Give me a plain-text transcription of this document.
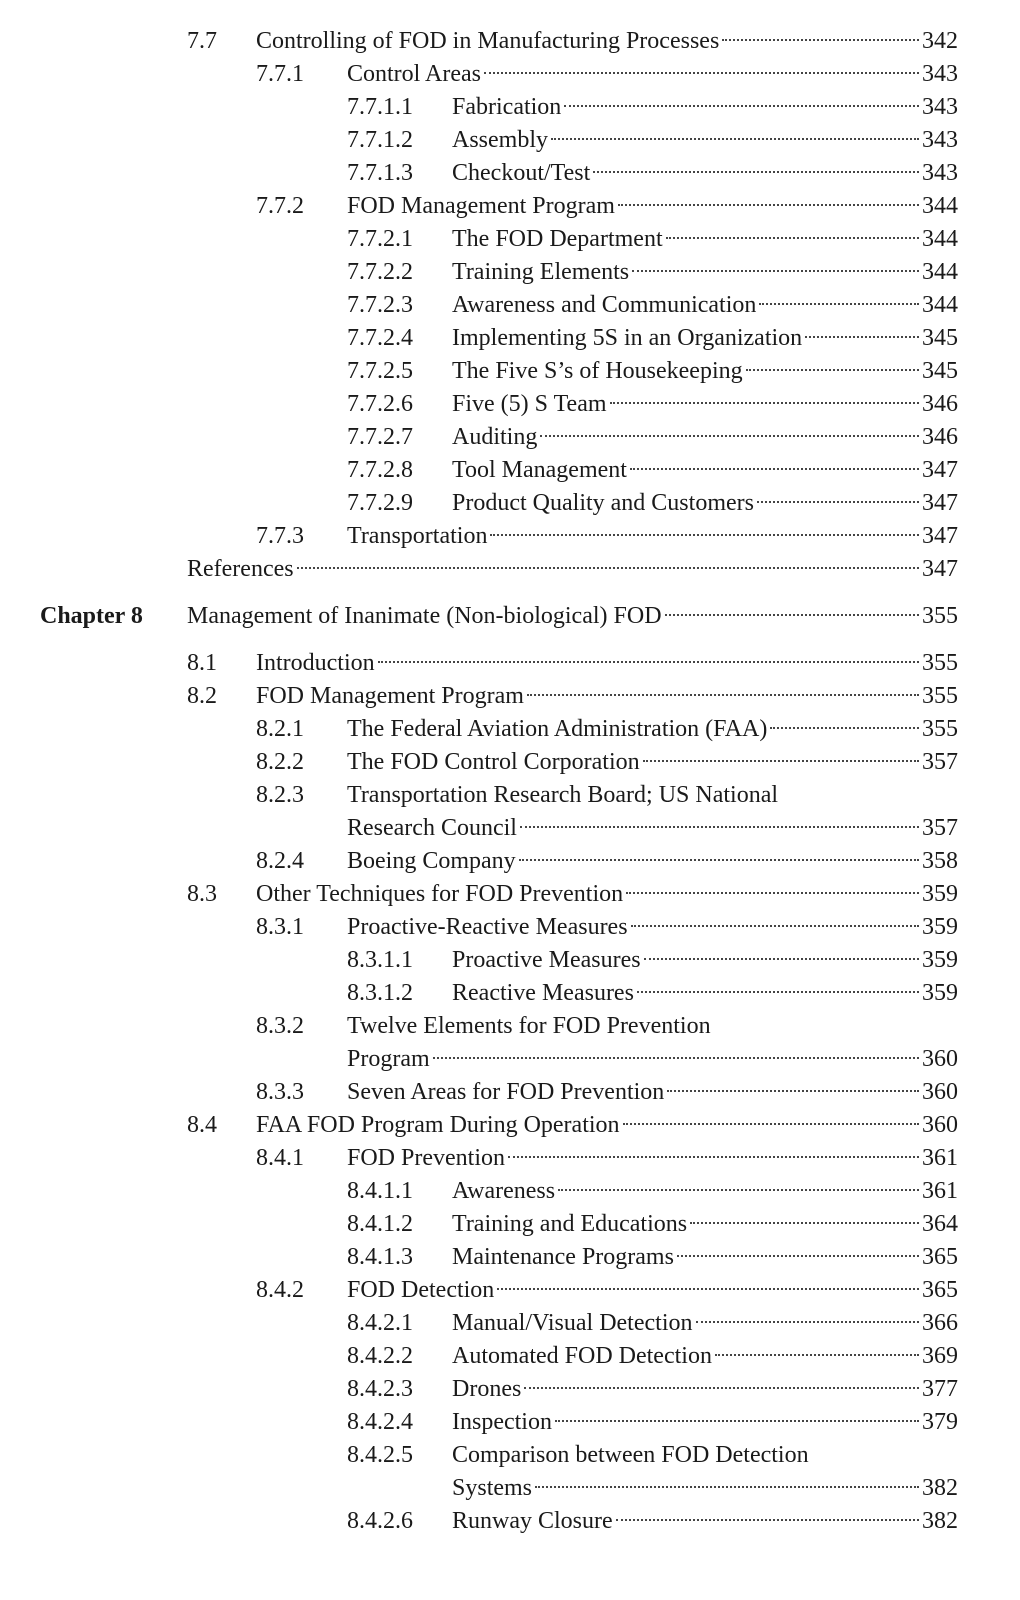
7.7 Controlling of FOD in Manufacturing Processes	342
7.7.1 Control Areas	343
7.7.1.1 Fabrication	343
7.7.1.2 Assembly	343
7.7.1.3 Checkout/Test	343
7.7.2 FOD Management Program	344
7.7.2.1 The FOD Department	344
7.7.2.2 Training Elements	344
7.7.2.3 Awareness and Communication	344
7.7.2.4 Implementing 5S in an Organization	345
7.7.2.5 The Five S’s of Housekeeping	345
7.7.2.6 Five (5) S Team	346
7.7.2.7 Auditing	346
7.7.2.8 Tool Management	347
7.7.2.9 Product Quality and Customers	347
7.7.3 Transportation	347
References	347
Chapter 8 Management of Inanimate (Non-biological) FOD	355
8.1 Introduction	355
8.2 FOD Management Program	355
8.2.1 The Federal Aviation Administration (FAA)	355
8.2.2 The FOD Control Corporation	357
8.2.3 Transportation Research Board; US National
Research Council	357
8.2.4 Boeing Company	358
8.3 Other Techniques for FOD Prevention	359
8.3.1 Proactive-Reactive Measures	359
8.3.1.1 Proactive Measures	359
8.3.1.2 Reactive Measures	359
8.3.2 Twelve Elements for FOD Prevention
Program	360
8.3.3 Seven Areas for FOD Prevention	360
8.4 FAA FOD Program During Operation	360
8.4.1 FOD Prevention	361
8.4.1.1 Awareness	361
8.4.1.2 Training and Educations	364
8.4.1.3 Maintenance Programs	365
8.4.2 FOD Detection	365
8.4.2.1 Manual/Visual Detection	366
8.4.2.2 Automated FOD Detection	369
8.4.2.3 Drones	377
8.4.2.4 Inspection	379
8.4.2.5 Comparison between FOD Detection
Systems	382
8.4.2.6 Runway Closure	382
